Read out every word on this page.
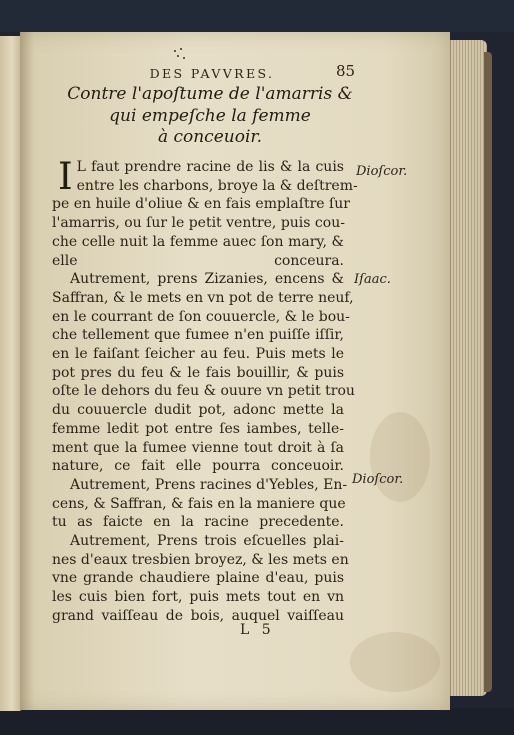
DES PAVVRES.	85
Contre l'apoſtume de l'amarris &
qui empeſche la femme
à conceuoir.
I L faut prendre racine de lis & la cuis
entre les charbons, broye la & deſtrem-
pe en huile d'oliue & en fais emplaſtre ſur
l'amarris, ou ſur le petit ventre, puis cou-
che celle nuit la femme auec ſon mary, &
elle conceura.
Autrement, prens Zizanies, encens &
Saffran, & le mets en vn pot de terre neuf,
en le courrant de ſon couuercle, & le bou-
che tellement que fumee n'en puiſſe iſſir,
en le faiſant ſeicher au feu. Puis mets le
pot pres du feu & le fais bouillir, & puis
oſte le dehors du feu & ouure vn petit trou
du couuercle dudit pot, adonc mette la
femme ledit pot entre ſes iambes, telle-
ment que la fumee vienne tout droit à ſa
nature, ce fait elle pourra conceuoir.
Autrement, Prens racines d'Yebles, En-
cens, & Saffran, & fais en la maniere que
tu as faicte en la racine precedente.
Autrement, Prens trois eſcuelles plai-
nes d'eaux tresbien broyez, & les mets en
vne grande chaudiere plaine d'eau, puis
les cuis bien fort, puis mets tout en vn
grand vaiſſeau de bois, auquel vaiſſeau
Dioſcor.
Iſaac.
Dioſcor.
L 5
